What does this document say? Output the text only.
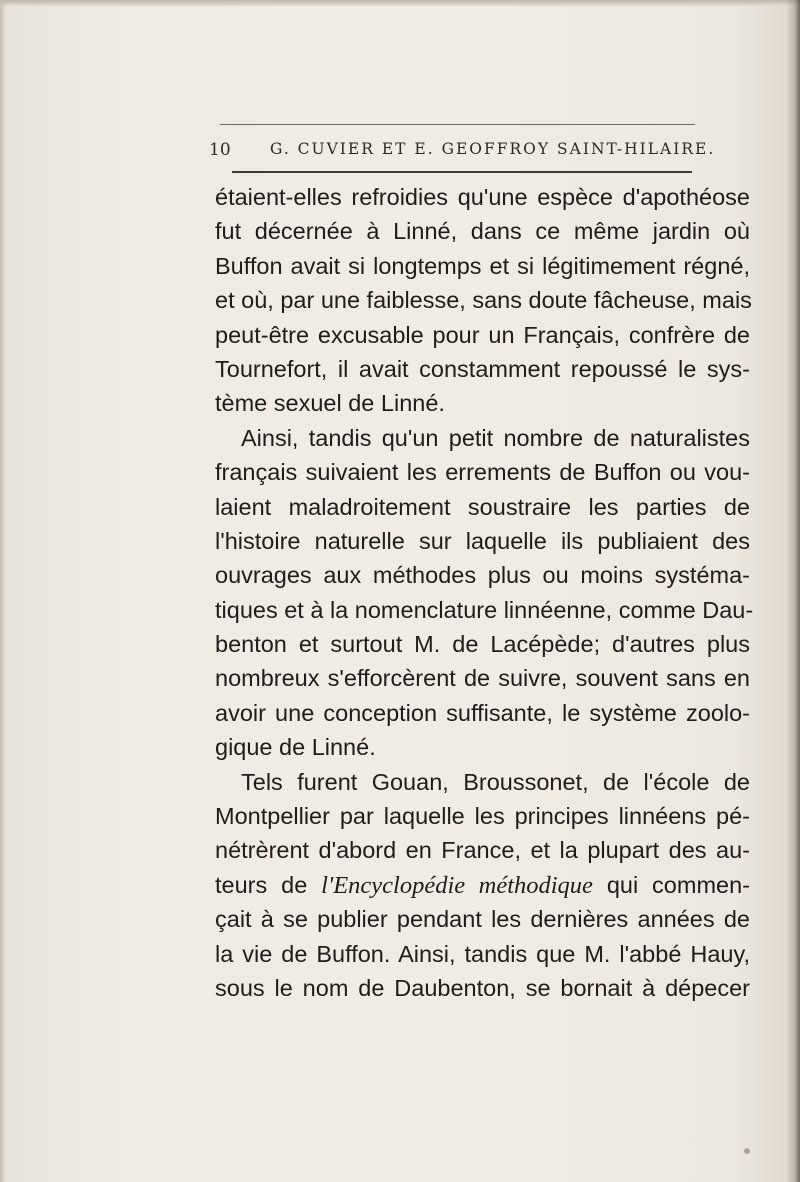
10	G. CUVIER ET E. GEOFFROY SAINT-HILAIRE.
étaient-elles refroidies qu'une espèce d'apothéose
fut décernée à Linné, dans ce même jardin où
Buffon avait si longtemps et si légitimement régné,
et où, par une faiblesse, sans doute fâcheuse, mais
peut-être excusable pour un Français, confrère de
Tournefort, il avait constamment repoussé le sys-
tème sexuel de Linné.
Ainsi, tandis qu'un petit nombre de naturalistes
français suivaient les errements de Buffon ou vou-
laient maladroitement soustraire les parties de
l'histoire naturelle sur laquelle ils publiaient des
ouvrages aux méthodes plus ou moins systéma-
tiques et à la nomenclature linnéenne, comme Dau-
benton et surtout M. de Lacépède; d'autres plus
nombreux s'efforcèrent de suivre, souvent sans en
avoir une conception suffisante, le système zoolo-
gique de Linné.
Tels furent Gouan, Broussonet, de l'école de
Montpellier par laquelle les principes linnéens pé-
nétrèrent d'abord en France, et la plupart des au-
teurs de l'Encyclopédie méthodique qui commen-
çait à se publier pendant les dernières années de
la vie de Buffon. Ainsi, tandis que M. l'abbé Hauy,
sous le nom de Daubenton, se bornait à dépecer
